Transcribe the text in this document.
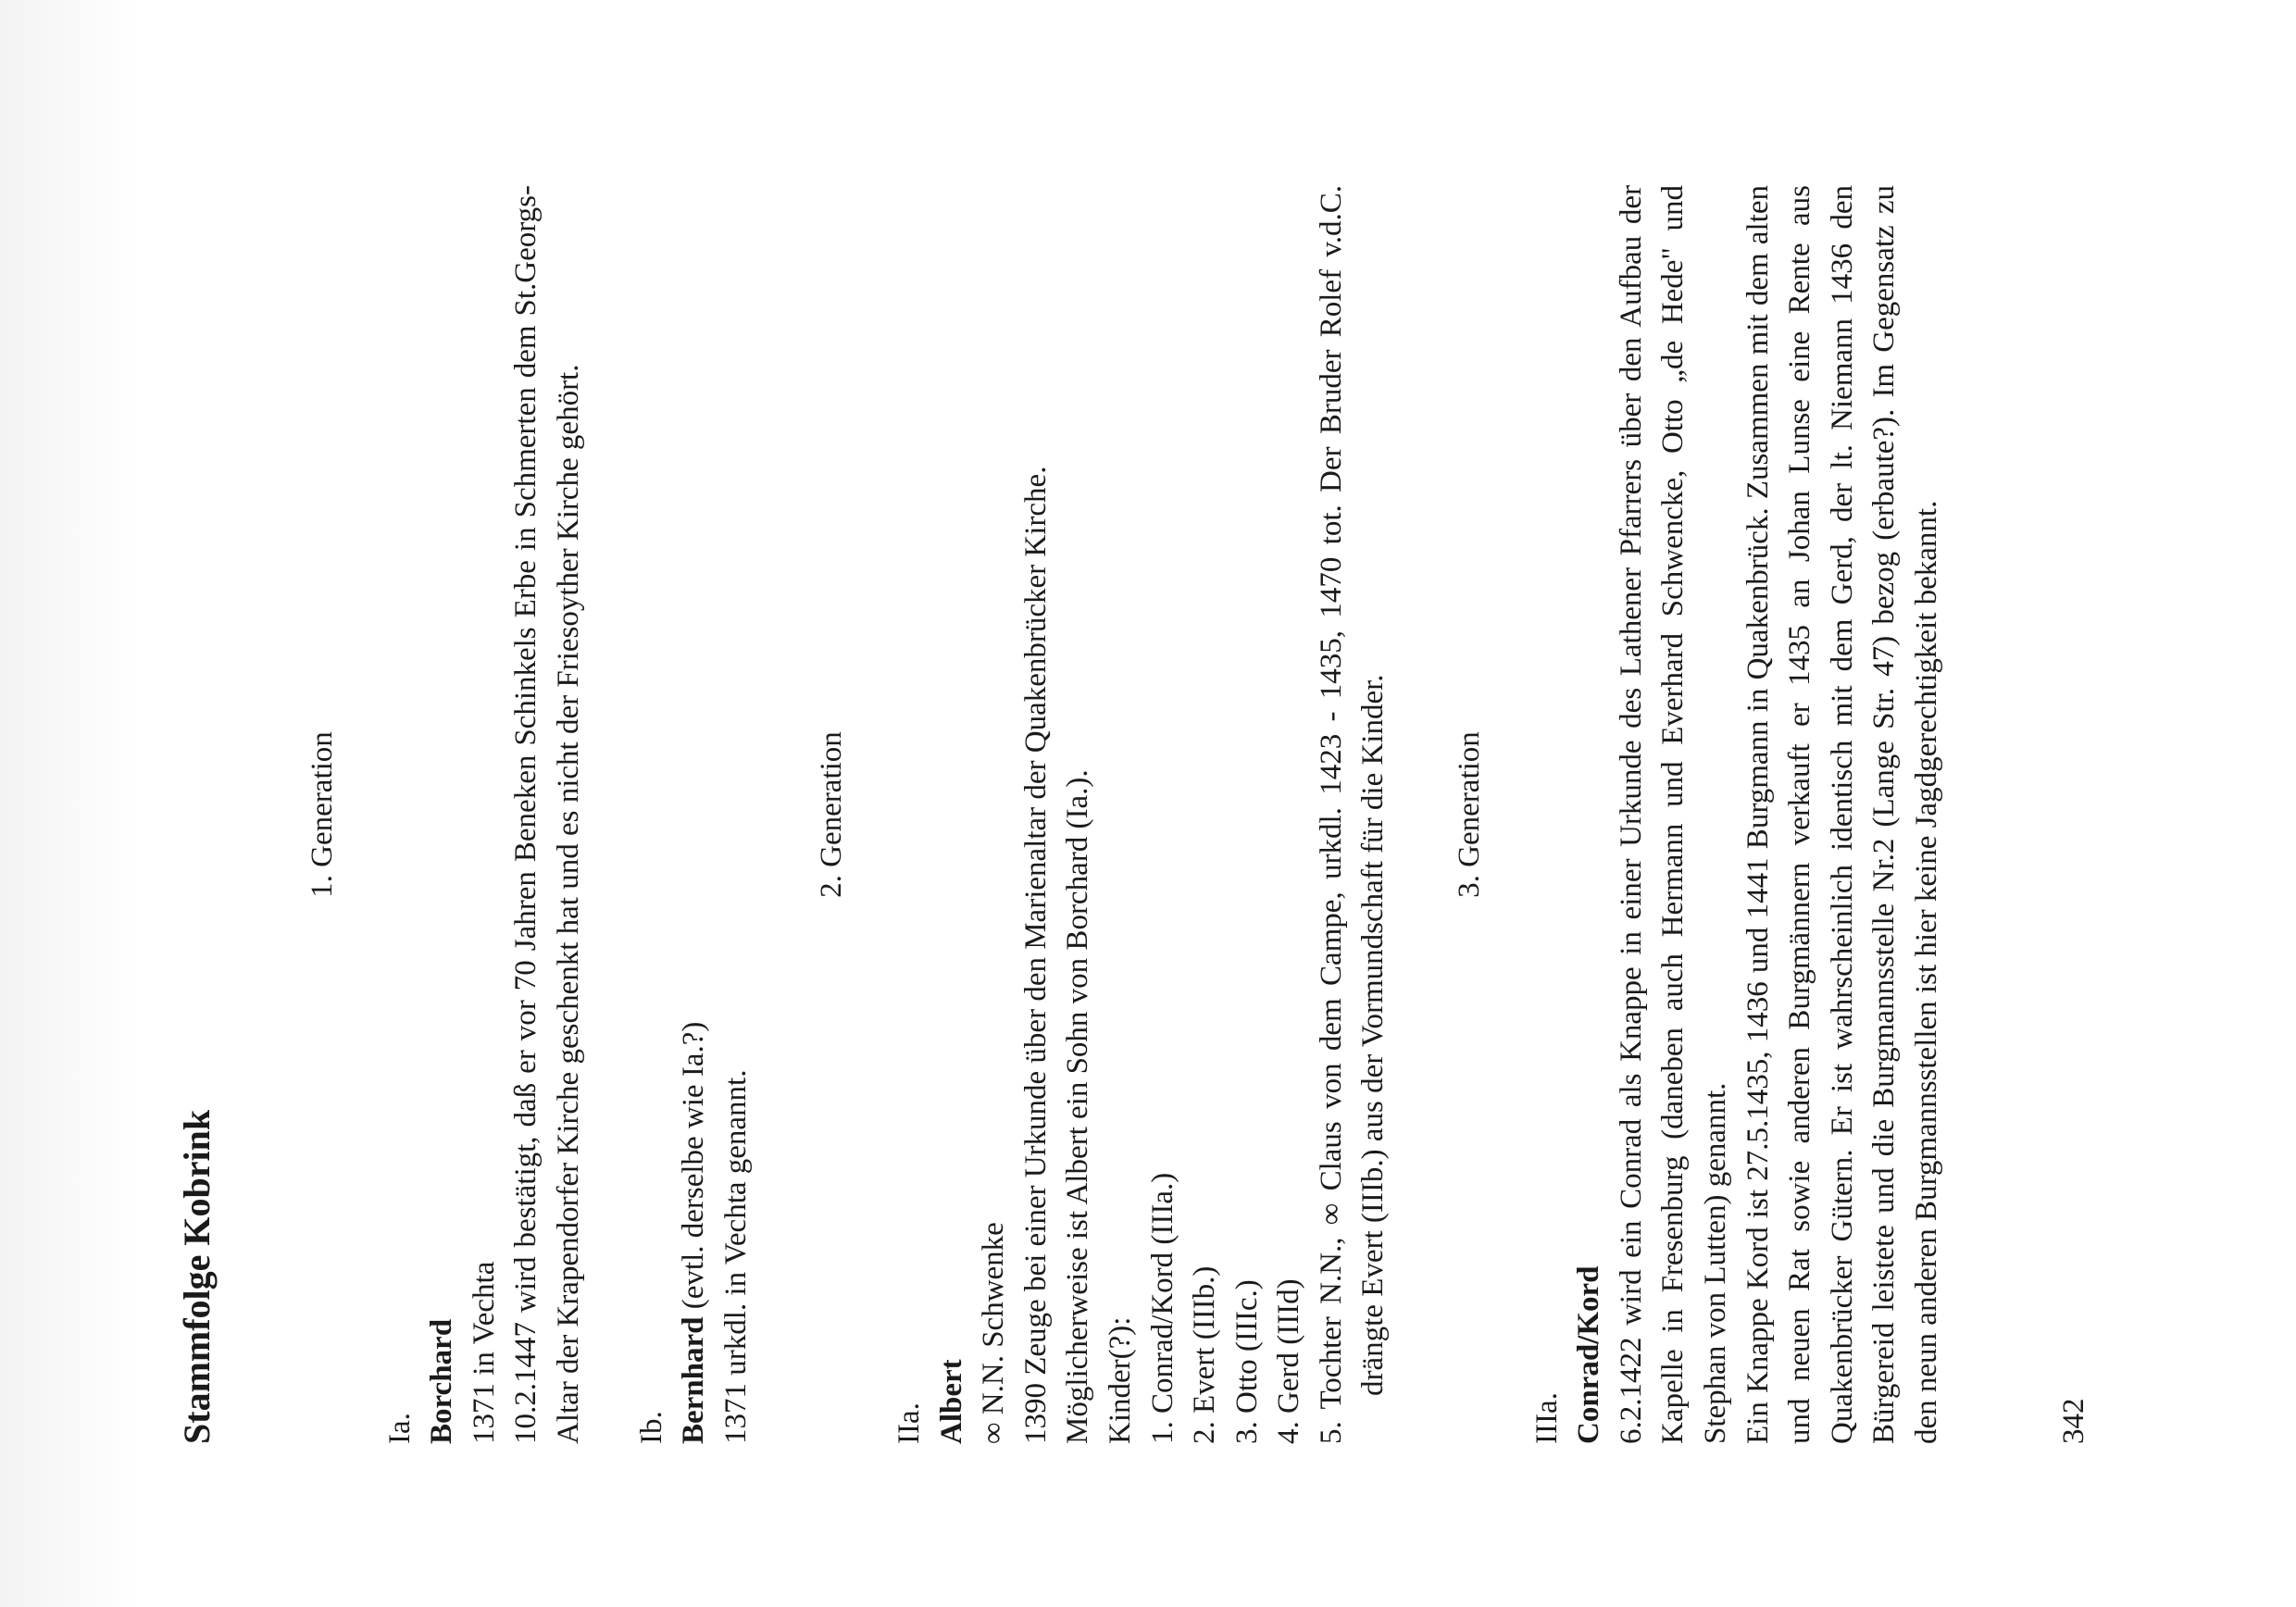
Stammfolge Kobrink
1. Generation
Ia. Borchard 1371 in Vechta 10.2.1447 wird bestätigt, daß er vor 70 Jahren Beneken Schinkels Erbe in Schmerten dem St.Georgs-Altar der Krapendorfer Kirche geschenkt hat und es nicht der Friesoyther Kirche gehört. Ib. Bernhard (evtl. derselbe wie Ia.?) 1371 urkdl. in Vechta genannt.
2. Generation
IIa. Albert ∞ N.N. Schwenke 1390 Zeuge bei einer Urkunde über den Marienaltar der Quakenbrücker Kirche. Möglicherweise ist Albert ein Sohn von Borchard (Ia.). Kinder(?): 1. Conrad/Kord (IIIa.) 2. Evert (IIIb.) 3. Otto (IIIc.) 4. Gerd (IIId) 5. Tochter N.N., ∞ Claus von dem Campe, urkdl. 1423 - 1435, 1470 tot. Der Bruder Rolef v.d.C. drängte Evert (IIIb.) aus der Vormundschaft für die Kinder. 3. Generation
IIIa. Conrad/Kord 6.2.1422 wird ein Conrad als Knappe in einer Urkunde des Lathener Pfarrers über den Aufbau der Kapelle in Fresenburg (daneben auch Hermann und Everhard Schwencke, Otto „de Hede" und Stephan von Lutten) genannt. Ein Knappe Kord ist 27.5.1435, 1436 und 1441 Burgmann in Quakenbrück. Zusammen mit dem alten und neuen Rat sowie anderen Burgmännern verkauft er 1435 an Johan Lunse eine Rente aus Quakenbrücker Gütern. Er ist wahrscheinlich identisch mit dem Gerd, der lt. Niemann 1436 den Bürgereid leistete und die Burgmannsstelle Nr.2 (Lange Str. 47) bezog (erbaute?). Im Gegensatz zu den neun anderen Burgmannsstellen ist hier keine Jagdgerechtigkeit bekannt.	342
